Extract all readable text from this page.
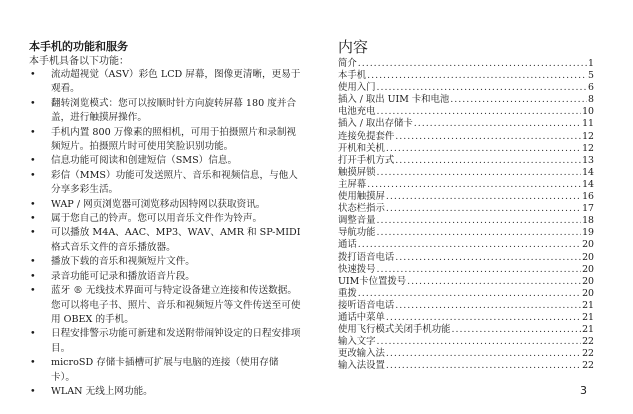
本手机的功能和服务
本手机具备以下功能：
• 流动超视觉（ASV）彩色 LCD 屏幕，图像更清晰，更易于观看。
• 翻转浏览模式：您可以按顺时针方向旋转屏幕 180 度并合盖，进行触摸屏操作。
• 手机内置 800 万像素的照相机，可用于拍摄照片和录制视频短片。拍摄照片时可使用笑脸识别功能。
• 信息功能可阅读和创建短信（SMS）信息。
• 彩信（MMS）功能可发送照片、音乐和视频信息，与他人分享多彩生活。
• WAP / 网页浏览器可浏览移动因特网以获取资讯。
• 属于您自己的铃声。您可以用音乐文件作为铃声。
• 可以播放 M4A、AAC、MP3、WAV、AMR 和 SP-MIDI 格式音乐文件的音乐播放器。
• 播放下载的音乐和视频短片文件。
• 录音功能可记录和播放语音片段。
• 蓝牙 ® 无线技术界面可与特定设备建立连接和传送数据。您可以将电子书、照片、音乐和视频短片等文件传送至可使用 OBEX 的手机。
• 日程安排警示功能可新建和发送附带闹钟设定的日程安排项目。
• microSD 存储卡插槽可扩展与电脑的连接（使用存储卡）。
• WLAN 无线上网功能。
内容
简介 .....	1
本手机 .....	5
使用入门 .....	6
插入 / 取出 UIM 卡和电池 .....	8
电池充电 .....	10
插入 / 取出存储卡 .....	11
连接免提套件 .....	12
开机和关机 .....	12
打开手机方式 .....	13
触摸屏锁 .....	14
主屏幕 .....	14
使用触摸屏 .....	16
状态栏指示 .....	17
调整音量 .....	18
导航功能 .....	19
通话 .....	20
拨打语音电话 .....	20
快速拨号 .....	20
UIM卡位置拨号 .....	20
重拨 .....	20
接听语音电话 .....	21
通话中菜单 .....	21
使用飞行模式关闭手机功能 .....	21
输入文字 .....	22
更改输入法 .....	22
输入法设置 .....	22
3
